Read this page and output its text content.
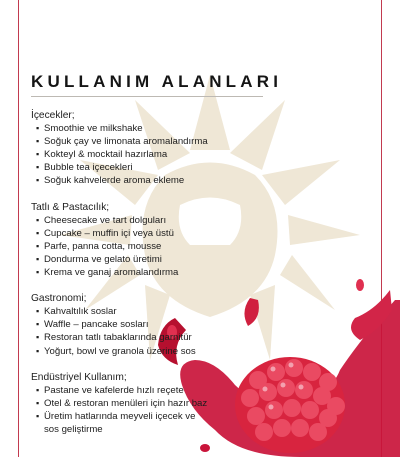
KULLANIM ALANLARI

İçecekler;

▪ Smoothie ve milkshake
▪ Soğuk çay ve limonata aromalandırma
▪ Kokteyl & mocktail hazırlama
▪ Bubble tea içecekleri
▪ Soğuk kahvelerde aroma ekleme

Tatlı & Pastacılık;

▪ Cheesecake ve tart dolguları
▪ Cupcake – muffin içi veya üstü
▪ Parfe, panna cotta, mousse
▪ Dondurma ve gelato üretimi
▪ Krema ve ganaj aromalandırma

Gastronomi;

▪ Kahvaltılık soslar
▪ Waffle – pancake sosları
▪ Restoran tatlı tabaklarında garnitür
▪ Yoğurt, bowl ve granola üzerine sos

Endüstriyel Kullanım;

▪ Pastane ve kafelerde hızlı reçete
▪ Otel & restoran menüleri için hazır baz
▪ Üretim hatlarında meyveli içecek ve
sos geliştirme
